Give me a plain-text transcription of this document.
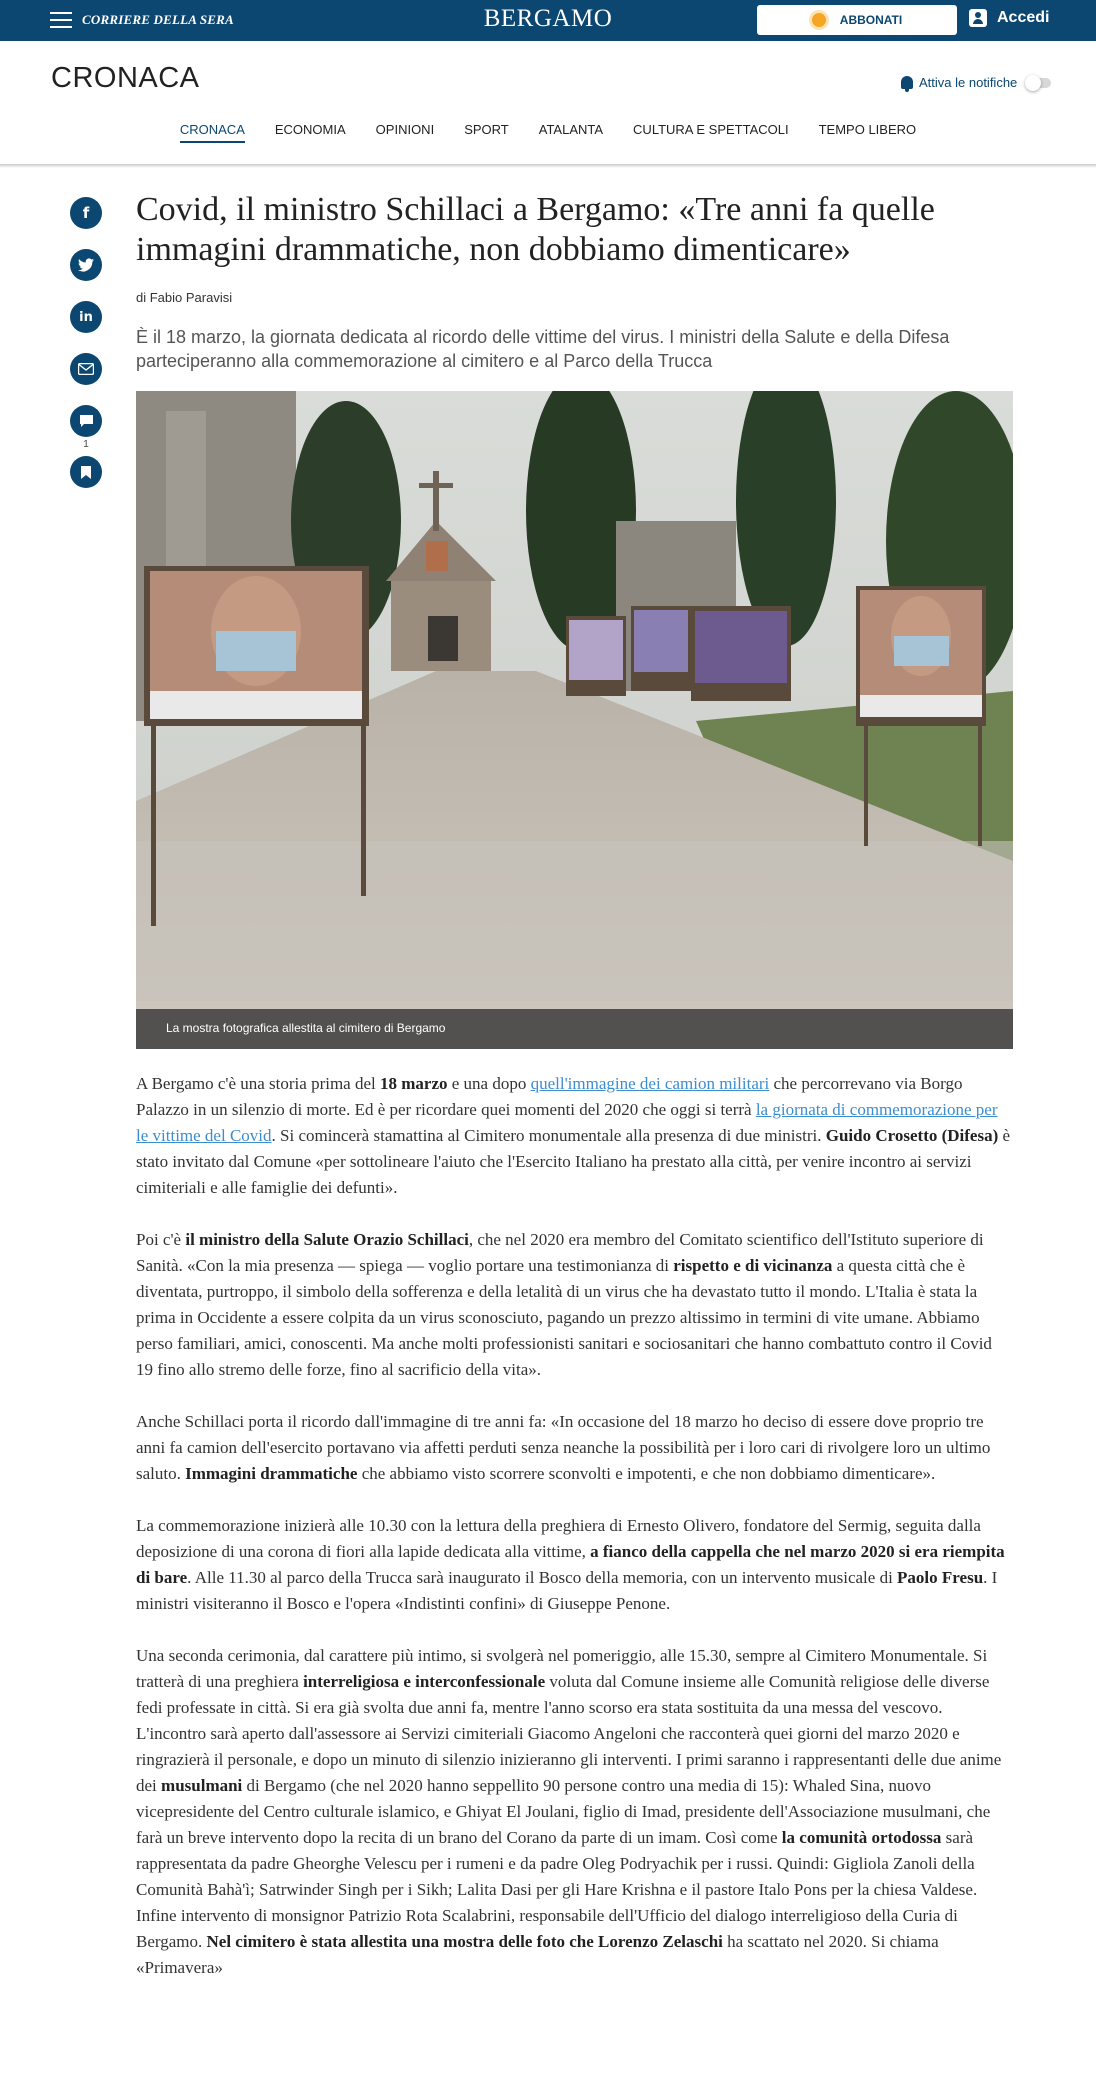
CORRIERE DELLA SERA	BERGAMO	ABBONATI	Accedi
CRONACA	Attiva le notifiche
CRONACA ECONOMIA OPINIONI SPORT ATALANTA CULTURA E SPETTACOLI TEMPO LIBERO
f
in
1
Covid, il ministro Schillaci a Bergamo: «Tre anni fa quelle immagini drammatiche, non dobbiamo dimenticare»
di Fabio Paravisi
È il 18 marzo, la giornata dedicata al ricordo delle vittime del virus. I ministri della Salute e della Difesa parteciperanno alla commemorazione al cimitero e al Parco della Trucca
La mostra fotografica allestita al cimitero di Bergamo

A Bergamo c'è una storia prima del 18 marzo e una dopo quell'immagine dei camion militari che percorrevano via Borgo Palazzo in un silenzio di morte. Ed è per ricordare quei momenti del 2020 che oggi si terrà la giornata di commemorazione per le vittime del Covid. Si comincerà stamattina al Cimitero monumentale alla presenza di due ministri. Guido Crosetto (Difesa) è stato invitato dal Comune «per sottolineare l'aiuto che l'Esercito Italiano ha prestato alla città, per venire incontro ai servizi cimiteriali e alle famiglie dei defunti».

Poi c'è il ministro della Salute Orazio Schillaci, che nel 2020 era membro del Comitato scientifico dell'Istituto superiore di Sanità. «Con la mia presenza — spiega — voglio portare una testimonianza di rispetto e di vicinanza a questa città che è diventata, purtroppo, il simbolo della sofferenza e della letalità di un virus che ha devastato tutto il mondo. L'Italia è stata la prima in Occidente a essere colpita da un virus sconosciuto, pagando un prezzo altissimo in termini di vite umane. Abbiamo perso familiari, amici, conoscenti. Ma anche molti professionisti sanitari e sociosanitari che hanno combattuto contro il Covid 19 fino allo stremo delle forze, fino al sacrificio della vita».

Anche Schillaci porta il ricordo dall'immagine di tre anni fa: «In occasione del 18 marzo ho deciso di essere dove proprio tre anni fa camion dell'esercito portavano via affetti perduti senza neanche la possibilità per i loro cari di rivolgere loro un ultimo saluto. Immagini drammatiche che abbiamo visto scorrere sconvolti e impotenti, e che non dobbiamo dimenticare».

La commemorazione inizierà alle 10.30 con la lettura della preghiera di Ernesto Olivero, fondatore del Sermig, seguita dalla deposizione di una corona di fiori alla lapide dedicata alla vittime, a fianco della cappella che nel marzo 2020 si era riempita di bare. Alle 11.30 al parco della Trucca sarà inaugurato il Bosco della memoria, con un intervento musicale di Paolo Fresu. I ministri visiteranno il Bosco e l'opera «Indistinti confini» di Giuseppe Penone.

Una seconda cerimonia, dal carattere più intimo, si svolgerà nel pomeriggio, alle 15.30, sempre al Cimitero Monumentale. Si tratterà di una preghiera interreligiosa e interconfessionale voluta dal Comune insieme alle Comunità religiose delle diverse fedi professate in città. Si era già svolta due anni fa, mentre l'anno scorso era stata sostituita da una messa del vescovo. L'incontro sarà aperto dall'assessore ai Servizi cimiteriali Giacomo Angeloni che racconterà quei giorni del marzo 2020 e ringrazierà il personale, e dopo un minuto di silenzio inizieranno gli interventi. I primi saranno i rappresentanti delle due anime dei musulmani di Bergamo (che nel 2020 hanno seppellito 90 persone contro una media di 15): Whaled Sina, nuovo vicepresidente del Centro culturale islamico, e Ghiyat El Joulani, figlio di Imad, presidente dell'Associazione musulmani, che farà un breve intervento dopo la recita di un brano del Corano da parte di un imam. Così come la comunità ortodossa sarà rappresentata da padre Gheorghe Velescu per i rumeni e da padre Oleg Podryachik per i russi. Quindi: Gigliola Zanoli della Comunità Bahà'ì; Satrwinder Singh per i Sikh; Lalita Dasi per gli Hare Krishna e il pastore Italo Pons per la chiesa Valdese. Infine intervento di monsignor Patrizio Rota Scalabrini, responsabile dell'Ufficio del dialogo interreligioso della Curia di Bergamo. Nel cimitero è stata allestita una mostra delle foto che Lorenzo Zelaschi ha scattato nel 2020. Si chiama «Primavera»
